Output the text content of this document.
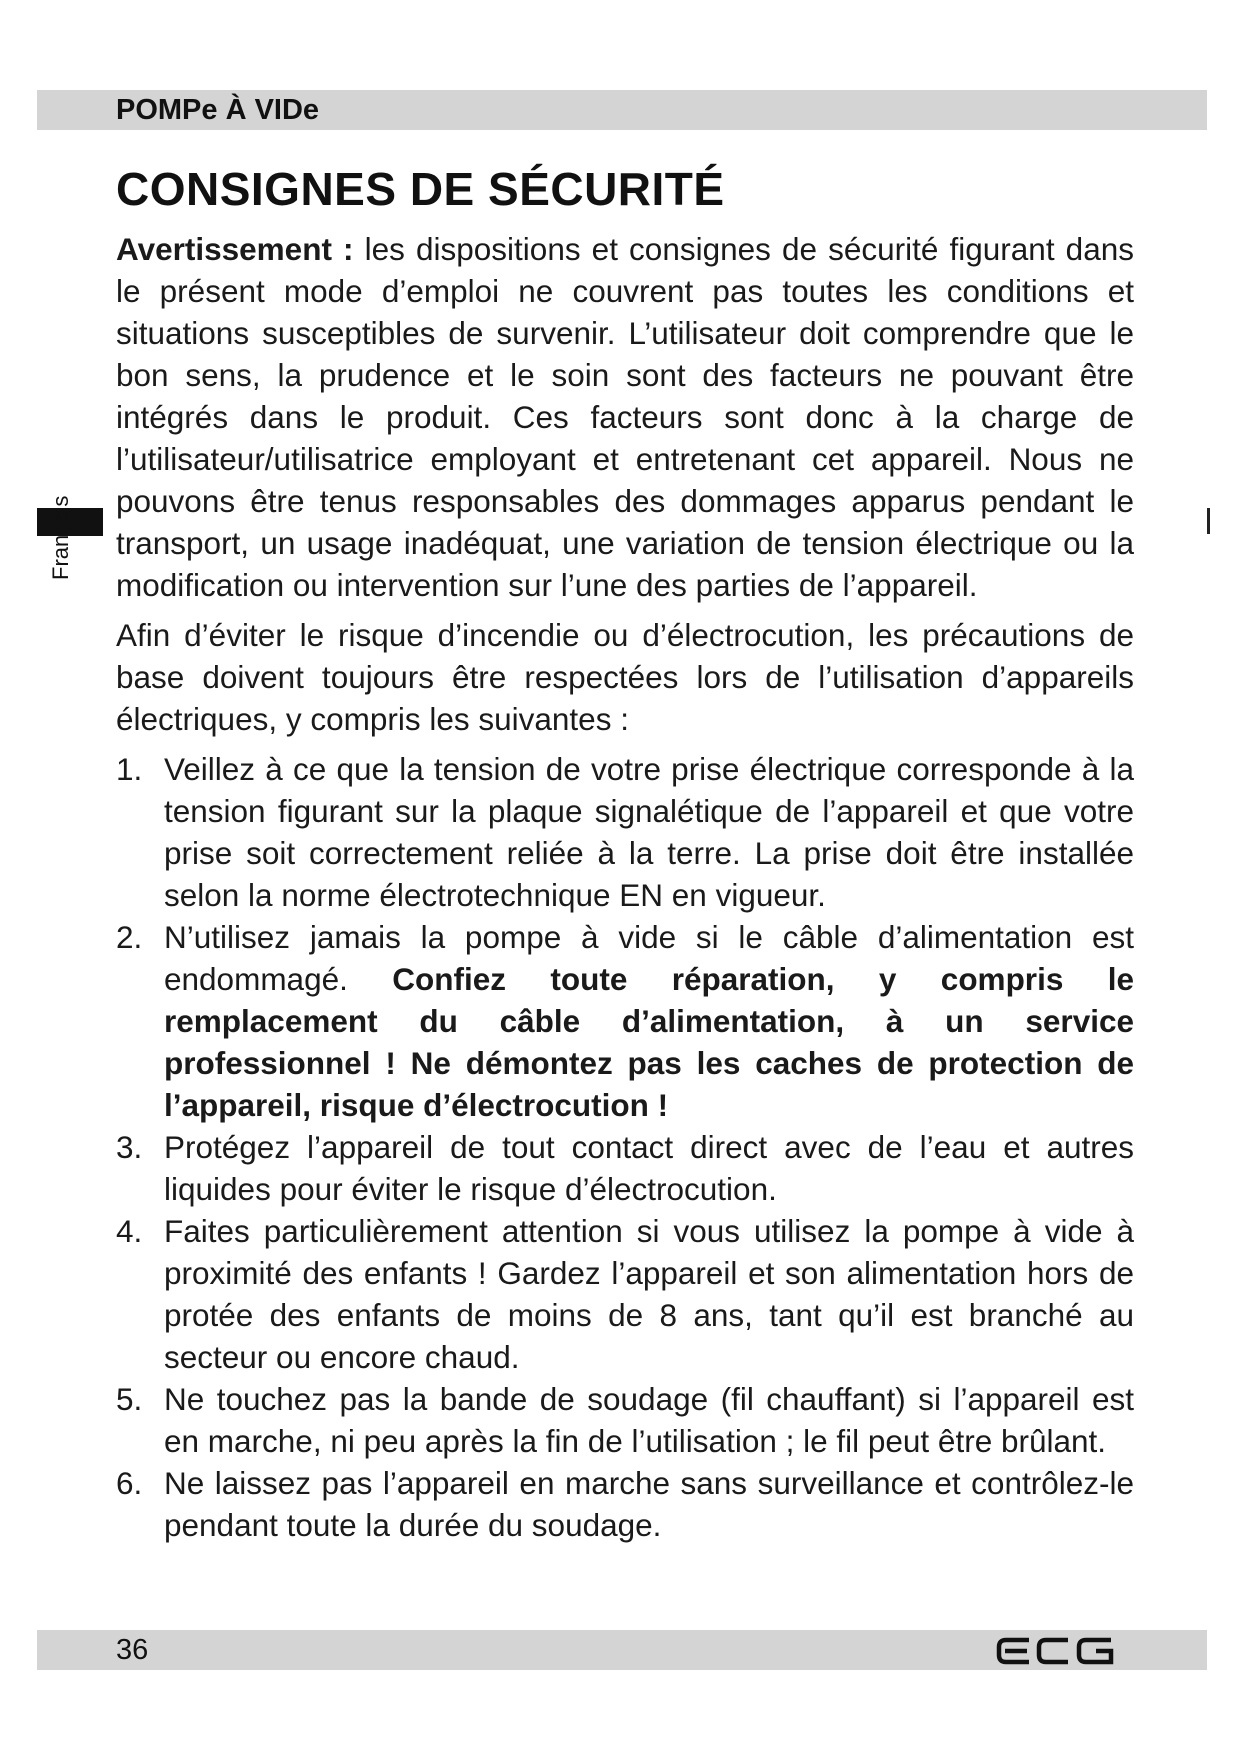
POMPe À VIDe
CONSIGNES DE SÉCURITÉ
Français

Avertissement : les dispositions et consignes de sécurité figurant dans le présent mode d’emploi ne couvrent pas toutes les conditions et situations susceptibles de survenir. L’utilisateur doit comprendre que le bon sens, la prudence et le soin sont des facteurs ne pouvant être intégrés dans le produit. Ces facteurs sont donc à la charge de l’utilisateur/utilisatrice employant et entretenant cet appareil. Nous ne pouvons être tenus responsables des dommages apparus pendant le transport, un usage inadéquat, une variation de tension électrique ou la modification ou intervention sur l’une des parties de l’appareil.

Afin d’éviter le risque d’incendie ou d’électrocution, les précautions de base doivent toujours être respectées lors de l’utilisation d’appareils électriques, y compris les suivantes :

1. Veillez à ce que la tension de votre prise électrique corresponde à la tension figurant sur la plaque signalétique de l’appareil et que votre prise soit correctement reliée à la terre. La prise doit être installée selon la norme électrotechnique EN en vigueur.
2. N’utilisez jamais la pompe à vide si le câble d’alimentation est endommagé. Confiez toute réparation, y compris le remplacement du câble d’alimentation, à un service professionnel ! Ne démontez pas les caches de protection de l’appareil, risque d’électrocution !
3. Protégez l’appareil de tout contact direct avec de l’eau et autres liquides pour éviter le risque d’électrocution.
4. Faites particulièrement attention si vous utilisez la pompe à vide à proximité des enfants ! Gardez l’appareil et son alimentation hors de protée des enfants de moins de 8 ans, tant qu’il est branché au secteur ou encore chaud.
5. Ne touchez pas la bande de soudage (fil chauffant) si l’appareil est en marche, ni peu après la fin de l’utilisation ; le fil peut être brûlant.
6. Ne laissez pas l’appareil en marche sans surveillance et contrôlez-le pendant toute la durée du soudage.
36
